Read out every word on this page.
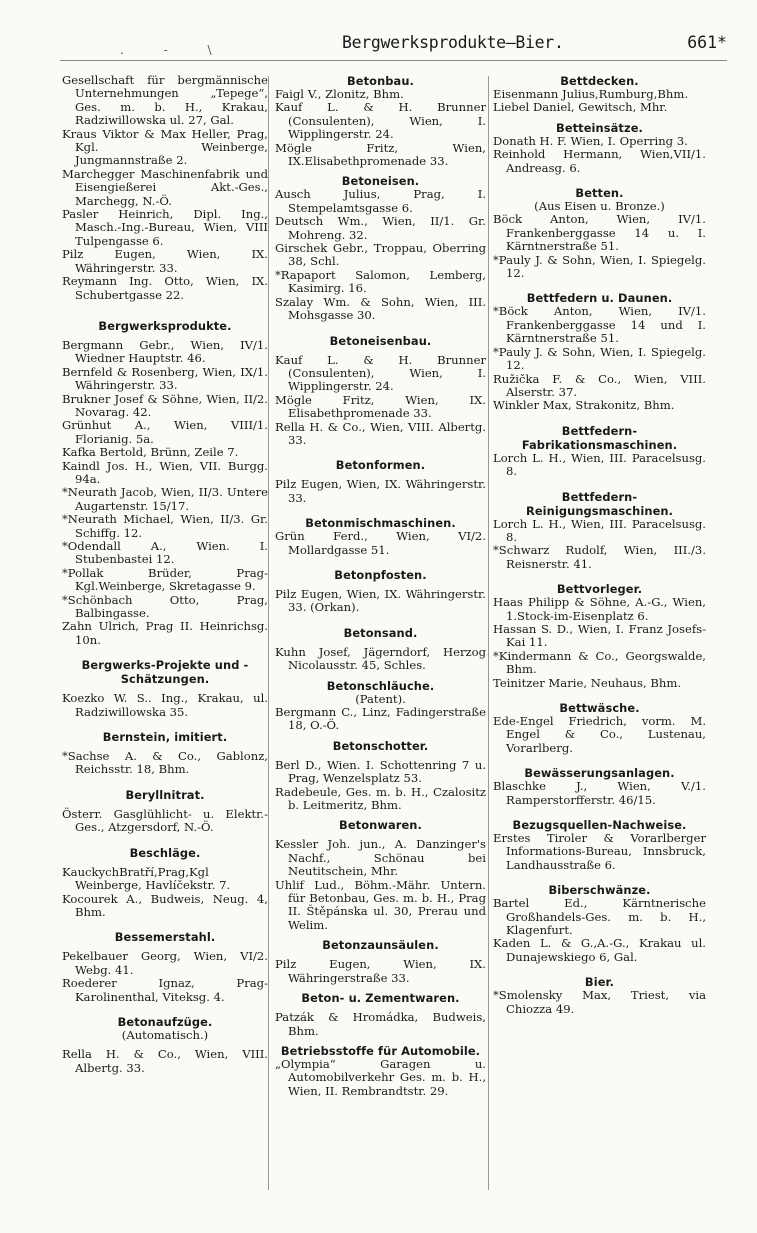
. - \	Bergwerksprodukte—Bier.	661*

Gesellschaft für bergmännische Unternehmungen „Tepege“, Ges. m. b. H., Krakau, Radziwillowska ul. 27, Gal.

Kraus Viktor & Max Heller, Prag, Kgl. Weinberge, Jungmannstraße 2.

Marchegger Maschinenfabrik und Eisengießerei Akt.-Ges., Marchegg, N.-Ö.

Pasler Heinrich, Dipl. Ing., Masch.-Ing.-Bureau, Wien, VIII Tulpengasse 6.

Pilz Eugen, Wien, IX. Währingerstr. 33.

Reymann Ing. Otto, Wien, IX. Schubertgasse 22.

Bergwerksprodukte.

Bergmann Gebr., Wien, IV/1. Wiedner Hauptstr. 46.

Bernfeld & Rosenberg, Wien, IX/1. Währingerstr. 33.

Brukner Josef & Söhne, Wien, II/2. Novarag. 42.

Grünhut A., Wien, VIII/1. Florianig. 5a.

Kafka Bertold, Brünn, Zeile 7.

Kaindl Jos. H., Wien, VII. Burgg. 94a.

*Neurath Jacob, Wien, II/3. Untere Augartenstr. 15/17.

*Neurath Michael, Wien, II/3. Gr. Schiffg. 12.

*Odendall A., Wien. I. Stubenbastei 12.

*Pollak Brüder, Prag-Kgl.Weinberge, Skretagasse 9.

*Schönbach Otto, Prag, Balbingasse.

Zahn Ulrich, Prag II. Heinrichsg. 10n.

Bergwerks-Projekte und -Schätzungen.

Koezko W. S.. Ing., Krakau, ul. Radziwillowska 35.

Bernstein, imitiert.

*Sachse A. & Co., Gablonz, Reichsstr. 18, Bhm.

Beryllnitrat.

Österr. Gasglühlicht- u. Elektr.-Ges., Atzgersdorf, N.-Ö.

Beschläge.

KauckychBratří,Prag,Kgl Weinberge, Havlíčekstr. 7.

Kocourek A., Budweis, Neug. 4, Bhm.

Bessemerstahl.

Pekelbauer Georg, Wien, VI/2. Webg. 41.

Roederer Ignaz, Prag-Karolinenthal, Viteksg. 4.

Betonaufzüge.

(Automatisch.)

Rella H. & Co., Wien, VIII. Albertg. 33.

Betonbau.

Faigl V., Zlonitz, Bhm.

Kauf L. & H. Brunner (Consulenten), Wien, I. Wipplingerstr. 24.

Mögle Fritz, Wien, IX.Elisabethpromenade 33.

Betoneisen.

Ausch Julius, Prag, I. Stempelamtsgasse 6.

Deutsch Wm., Wien, II/1. Gr. Mohreng. 32.

Girschek Gebr., Troppau, Oberring 38, Schl.

*Rapaport Salomon, Lemberg, Kasimirg. 16.

Szalay Wm. & Sohn, Wien, III. Mohsgasse 30.

Betoneisenbau.

Kauf L. & H. Brunner (Consulenten), Wien, I. Wipplingerstr. 24.

Mögle Fritz, Wien, IX. Elisabethpromenade 33.

Rella H. & Co., Wien, VIII. Albertg. 33.

Betonformen.

Pilz Eugen, Wien, IX. Währingerstr. 33.

Betonmischmaschinen.

Grün Ferd., Wien, VI/2. Mollardgasse 51.

Betonpfosten.

Pilz Eugen, Wien, IX. Währingerstr. 33. (Orkan).

Betonsand.

Kuhn Josef, Jägerndorf, Herzog Nicolausstr. 45, Schles.

Betonschläuche.

(Patent).

Bergmann C., Linz, Fadingerstraße 18, O.-Ö.

Betonschotter.

Berl D., Wien. I. Schottenring 7 u. Prag, Wenzelsplatz 53.

Radebeule, Ges. m. b. H., Czalositz b. Leitmeritz, Bhm.

Betonwaren.

Kessler Joh. jun., A. Danzinger's Nachf., Schönau bei Neutitschein, Mhr.

Uhlif Lud., Böhm.-Mähr. Untern. für Betonbau, Ges. m. b. H., Prag II. Štěpánska ul. 30, Prerau und Welim.

Betonzaunsäulen.

Pilz Eugen, Wien, IX. Währingerstraße 33.

Beton- u. Zementwaren.

Patzák & Hromádka, Budweis, Bhm.

Betriebsstoffe für Automobile.

„Olympia“ Garagen u. Automobilverkehr Ges. m. b. H., Wien, II. Rembrandtstr. 29.

Bettdecken.

Eisenmann Julius,Rumburg,Bhm.

Liebel Daniel, Gewitsch, Mhr.

Betteinsätze.

Donath H. F. Wien, I. Operring 3.

Reinhold Hermann, Wien,VII/1. Andreasg. 6.

Betten.

(Aus Eisen u. Bronze.)

Böck Anton, Wien, IV/1. Frankenberggasse 14 u. I. Kärntnerstraße 51.

*Pauly J. & Sohn, Wien, I. Spiegelg. 12.

Bettfedern u. Daunen.

*Böck Anton, Wien, IV/1. Frankenberggasse 14 und I. Kärntnerstraße 51.

*Pauly J. & Sohn, Wien, I. Spiegelg. 12.

Ružička F. & Co., Wien, VIII. Alserstr. 37.

Winkler Max, Strakonitz, Bhm.

Bettfedern-Fabrikationsmaschinen.

Lorch L. H., Wien, III. Paracelsusg. 8.

Bettfedern-Reinigungsmaschinen.

Lorch L. H., Wien, III. Paracelsusg. 8.

*Schwarz Rudolf, Wien, III./3. Reisnerstr. 41.

Bettvorleger.

Haas Philipp & Söhne, A.-G., Wien, 1.Stock-im-Eisenplatz 6.

Hassan S. D., Wien, I. Franz Josefs-Kai 11.

*Kindermann & Co., Georgswalde, Bhm.

Teinitzer Marie, Neuhaus, Bhm.

Bettwäsche.

Ede-Engel Friedrich, vorm. M. Engel & Co., Lustenau, Vorarlberg.

Bewässerungsanlagen.

Blaschke J., Wien, V./1. Ramperstorfferstr. 46/15.

Bezugsquellen-Nachweise.

Erstes Tiroler & Vorarlberger Informations-Bureau, Innsbruck, Landhausstraße 6.

Biberschwänze.

Bartel Ed., Kärntnerische Großhandels-Ges. m. b. H., Klagenfurt.

Kaden L. & G.,A.-G., Krakau ul. Dunajewskiego 6, Gal.

Bier.

*Smolensky Max, Triest, via Chiozza 49.
